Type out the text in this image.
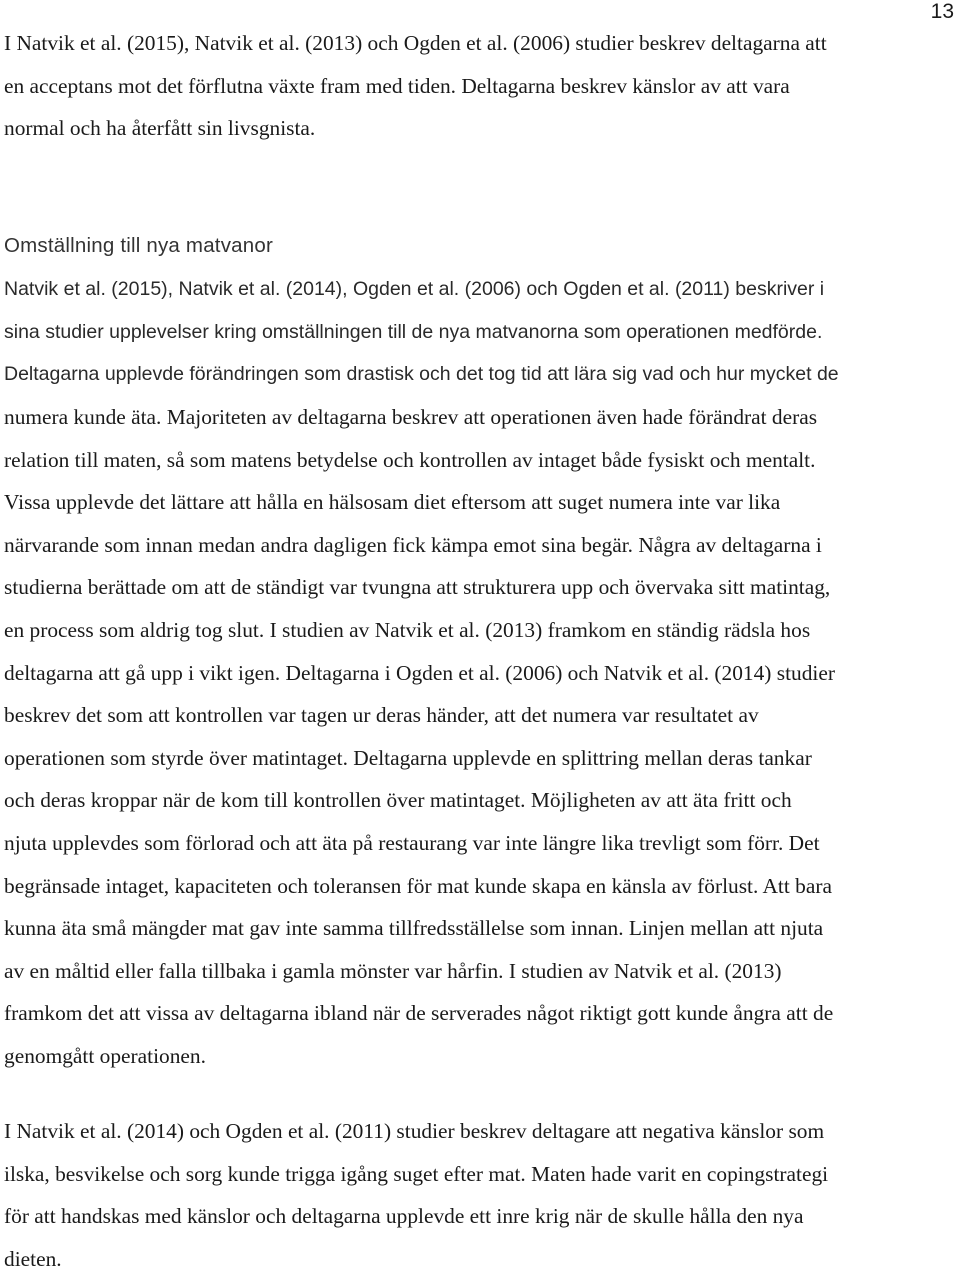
13

I Natvik et al. (2015), Natvik et al. (2013) och Ogden et al. (2006) studier beskrev deltagarna att
en acceptans mot det förflutna växte fram med tiden. Deltagarna beskrev känslor av att vara
normal och ha återfått sin livsgnista.

Omställning till nya matvanor

Natvik et al. (2015), Natvik et al. (2014), Ogden et al. (2006) och Ogden et al. (2011) beskriver i
sina studier upplevelser kring omställningen till de nya matvanorna som operationen medförde.
Deltagarna upplevde förändringen som drastisk och det tog tid att lära sig vad och hur mycket de

numera kunde äta. Majoriteten av deltagarna beskrev att operationen även hade förändrat deras
relation till maten, så som matens betydelse och kontrollen av intaget både fysiskt och mentalt.
Vissa upplevde det lättare att hålla en hälsosam diet eftersom att suget numera inte var lika
närvarande som innan medan andra dagligen fick kämpa emot sina begär. Några av deltagarna i
studierna berättade om att de ständigt var tvungna att strukturera upp och övervaka sitt matintag,
en process som aldrig tog slut. I studien av Natvik et al. (2013) framkom en ständig rädsla hos
deltagarna att gå upp i vikt igen. Deltagarna i Ogden et al. (2006) och Natvik et al. (2014) studier
beskrev det som att kontrollen var tagen ur deras händer, att det numera var resultatet av
operationen som styrde över matintaget. Deltagarna upplevde en splittring mellan deras tankar
och deras kroppar när de kom till kontrollen över matintaget. Möjligheten av att äta fritt och
njuta upplevdes som förlorad och att äta på restaurang var inte längre lika trevligt som förr. Det
begränsade intaget, kapaciteten och toleransen för mat kunde skapa en känsla av förlust. Att bara
kunna äta små mängder mat gav inte samma tillfredsställelse som innan. Linjen mellan att njuta
av en måltid eller falla tillbaka i gamla mönster var hårfin. I studien av Natvik et al. (2013)
framkom det att vissa av deltagarna ibland när de serverades något riktigt gott kunde ångra att de
genomgått operationen.

I Natvik et al. (2014) och Ogden et al. (2011) studier beskrev deltagare att negativa känslor som
ilska, besvikelse och sorg kunde trigga igång suget efter mat. Maten hade varit en copingstrategi
för att handskas med känslor och deltagarna upplevde ett inre krig när de skulle hålla den nya
dieten.
